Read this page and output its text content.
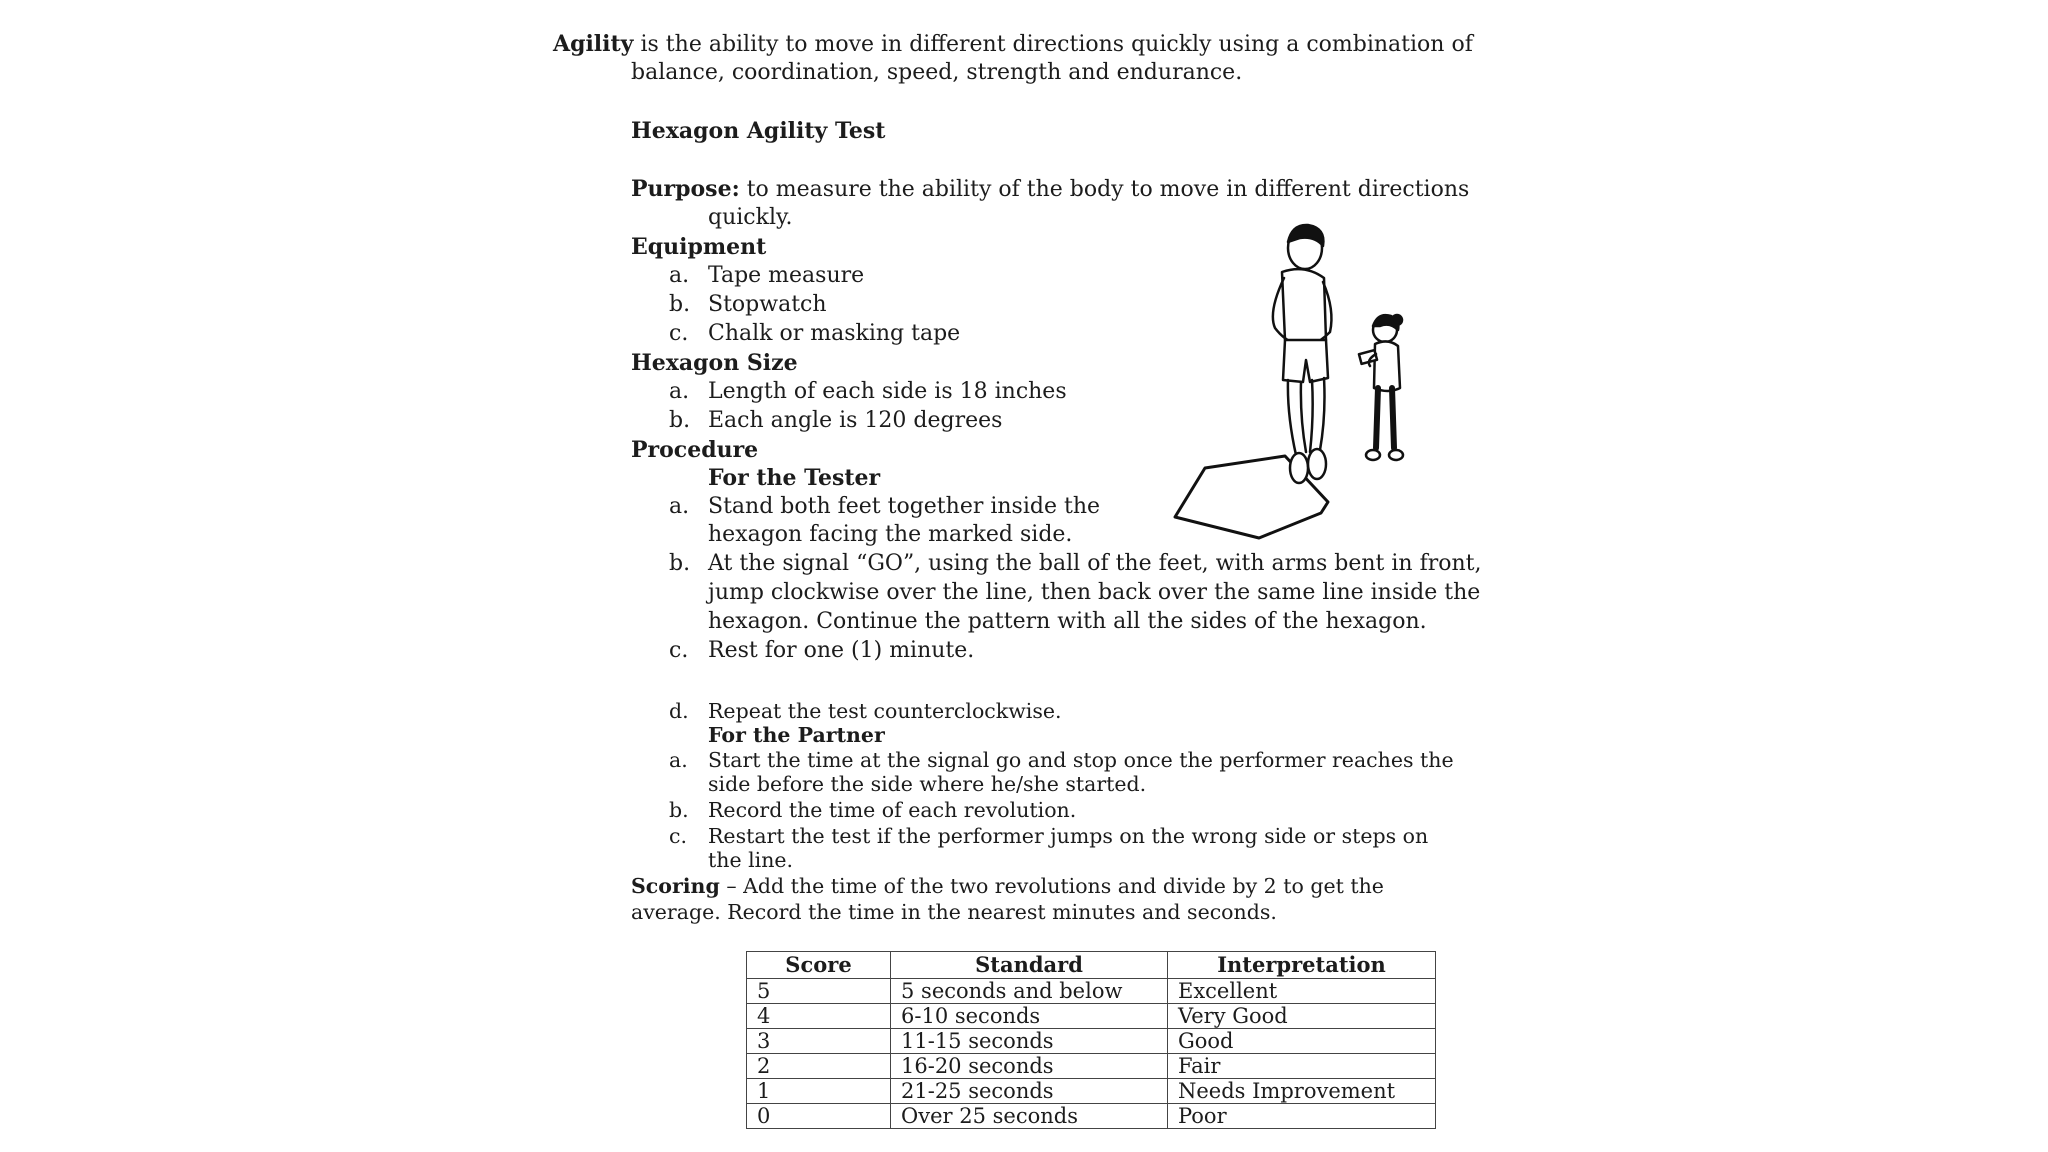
Agility is the ability to move in different directions quickly using a combination of
balance, coordination, speed, strength and endurance.
Hexagon Agility Test
Purpose: to measure the ability of the body to move in different directions
quickly.
Equipment
a. Tape measure
b. Stopwatch
c. Chalk or masking tape
Hexagon Size
a. Length of each side is 18 inches
b. Each angle is 120 degrees
Procedure
For the Tester
a. Stand both feet together inside the
hexagon facing the marked side.
b. At the signal “GO”, using the ball of the feet, with arms bent in front,
jump clockwise over the line, then back over the same line inside the
hexagon. Continue the pattern with all the sides of the hexagon.
c. Rest for one (1) minute.
d. Repeat the test counterclockwise.
For the Partner
a. Start the time at the signal go and stop once the performer reaches the
side before the side where he/she started.
b. Record the time of each revolution.
c. Restart the test if the performer jumps on the wrong side or steps on
the line.
Scoring – Add the time of the two revolutions and divide by 2 to get the
average. Record the time in the nearest minutes and seconds.
Score	Standard	Interpretation
5	5 seconds and below	Excellent
4	6-10 seconds	Very Good
3	11-15 seconds	Good
2	16-20 seconds	Fair
1	21-25 seconds	Needs Improvement
0	Over 25 seconds	Poor
